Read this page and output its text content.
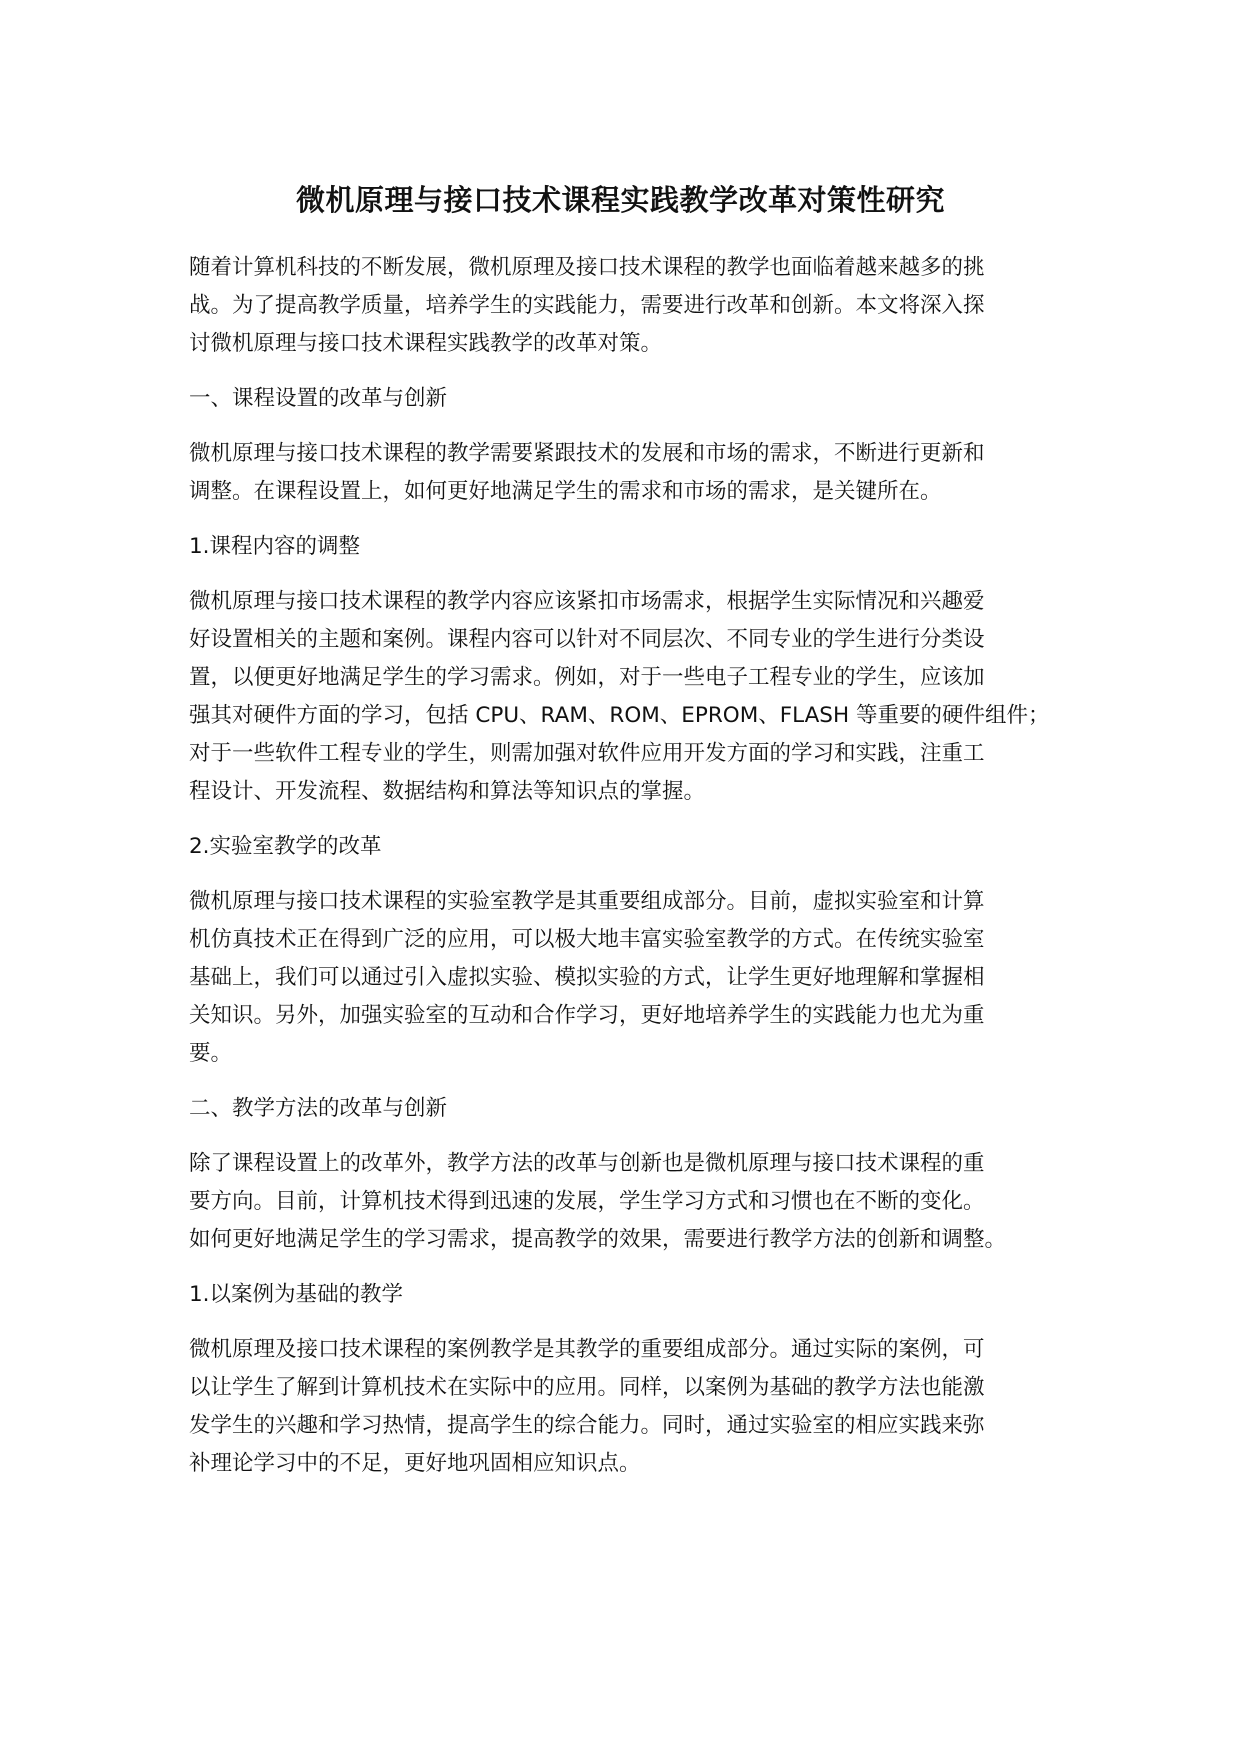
微机原理与接口技术课程实践教学改革对策性研究
随着计算机科技的不断发展，微机原理及接口技术课程的教学也面临着越来越多的挑
战。为了提高教学质量，培养学生的实践能力，需要进行改革和创新。本文将深入探
讨微机原理与接口技术课程实践教学的改革对策。
一、课程设置的改革与创新
微机原理与接口技术课程的教学需要紧跟技术的发展和市场的需求，不断进行更新和
调整。在课程设置上，如何更好地满足学生的需求和市场的需求，是关键所在。
1.课程内容的调整
微机原理与接口技术课程的教学内容应该紧扣市场需求，根据学生实际情况和兴趣爱
好设置相关的主题和案例。课程内容可以针对不同层次、不同专业的学生进行分类设
置，以便更好地满足学生的学习需求。例如，对于一些电子工程专业的学生，应该加
强其对硬件方面的学习，包括 CPU、RAM、ROM、EPROM、FLASH 等重要的硬件组件；
对于一些软件工程专业的学生，则需加强对软件应用开发方面的学习和实践，注重工
程设计、开发流程、数据结构和算法等知识点的掌握。
2.实验室教学的改革
微机原理与接口技术课程的实验室教学是其重要组成部分。目前，虚拟实验室和计算
机仿真技术正在得到广泛的应用，可以极大地丰富实验室教学的方式。在传统实验室
基础上，我们可以通过引入虚拟实验、模拟实验的方式，让学生更好地理解和掌握相
关知识。另外，加强实验室的互动和合作学习，更好地培养学生的实践能力也尤为重
要。
二、教学方法的改革与创新
除了课程设置上的改革外，教学方法的改革与创新也是微机原理与接口技术课程的重
要方向。目前，计算机技术得到迅速的发展，学生学习方式和习惯也在不断的变化。
如何更好地满足学生的学习需求，提高教学的效果，需要进行教学方法的创新和调整。
1.以案例为基础的教学
微机原理及接口技术课程的案例教学是其教学的重要组成部分。通过实际的案例，可
以让学生了解到计算机技术在实际中的应用。同样，以案例为基础的教学方法也能激
发学生的兴趣和学习热情，提高学生的综合能力。同时，通过实验室的相应实践来弥
补理论学习中的不足，更好地巩固相应知识点。
